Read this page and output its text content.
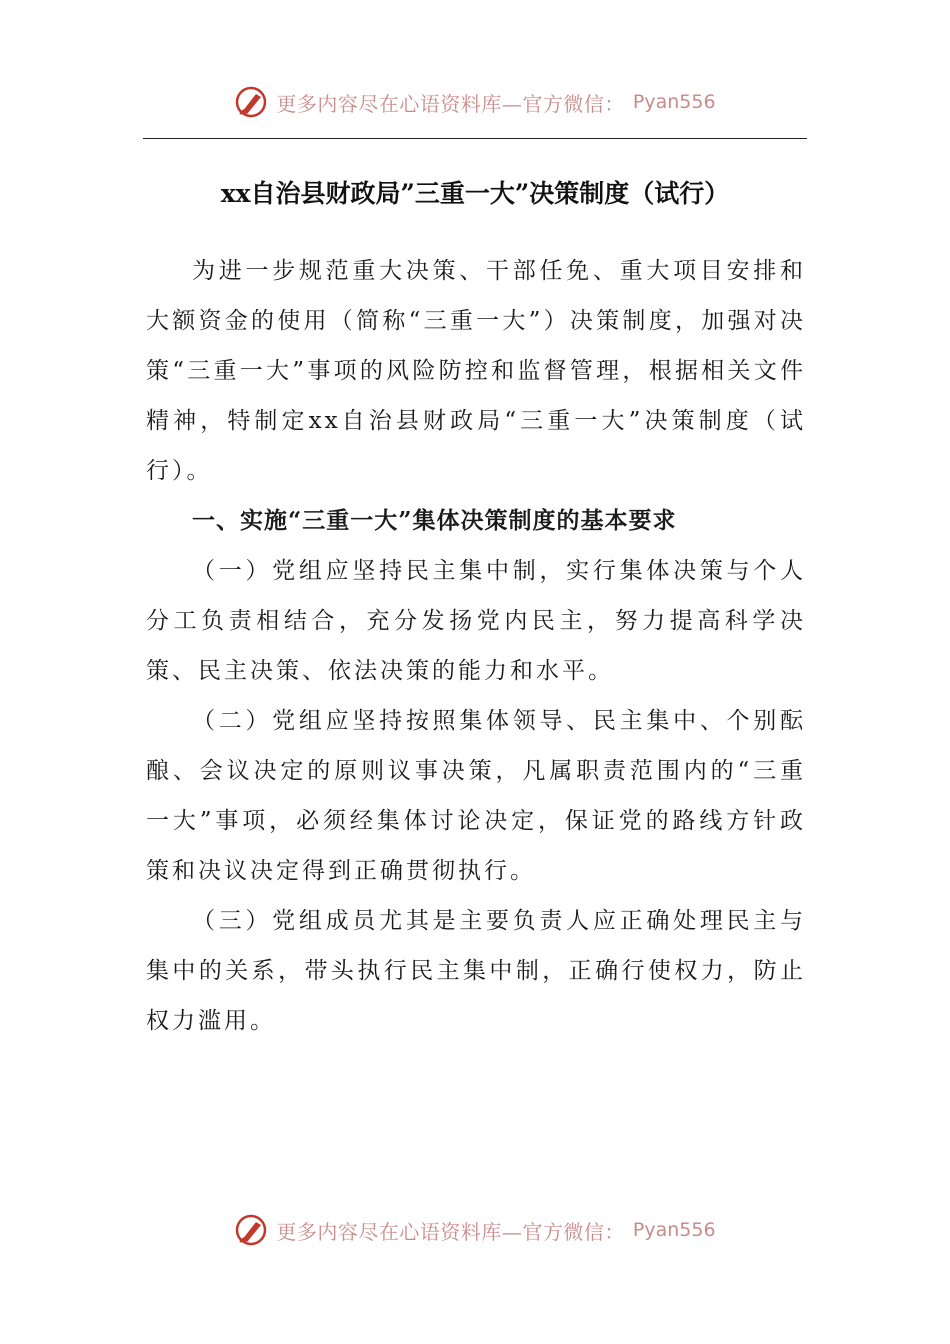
更多内容尽在心语资料库—官方微信： Pyan556
xx自治县财政局”三重一大”决策制度（试行）

为进一步规范重大决策、干部任免、重大项目安排和大额资金的使用（简称“三重一大”）决策制度，加强对决策“三重一大”事项的风险防控和监督管理，根据相关文件精神，特制定xx自治县财政局“三重一大”决策制度（试行）。

一、实施“三重一大”集体决策制度的基本要求

（一）党组应坚持民主集中制，实行集体决策与个人分工负责相结合，充分发扬党内民主，努力提高科学决策、民主决策、依法决策的能力和水平。

（二）党组应坚持按照集体领导、民主集中、个别酝酿、会议决定的原则议事决策，凡属职责范围内的“三重一大”事项，必须经集体讨论决定，保证党的路线方针政策和决议决定得到正确贯彻执行。

（三）党组成员尤其是主要负责人应正确处理民主与集中的关系，带头执行民主集中制，正确行使权力，防止权力滥用。

更多内容尽在心语资料库—官方微信： Pyan556
